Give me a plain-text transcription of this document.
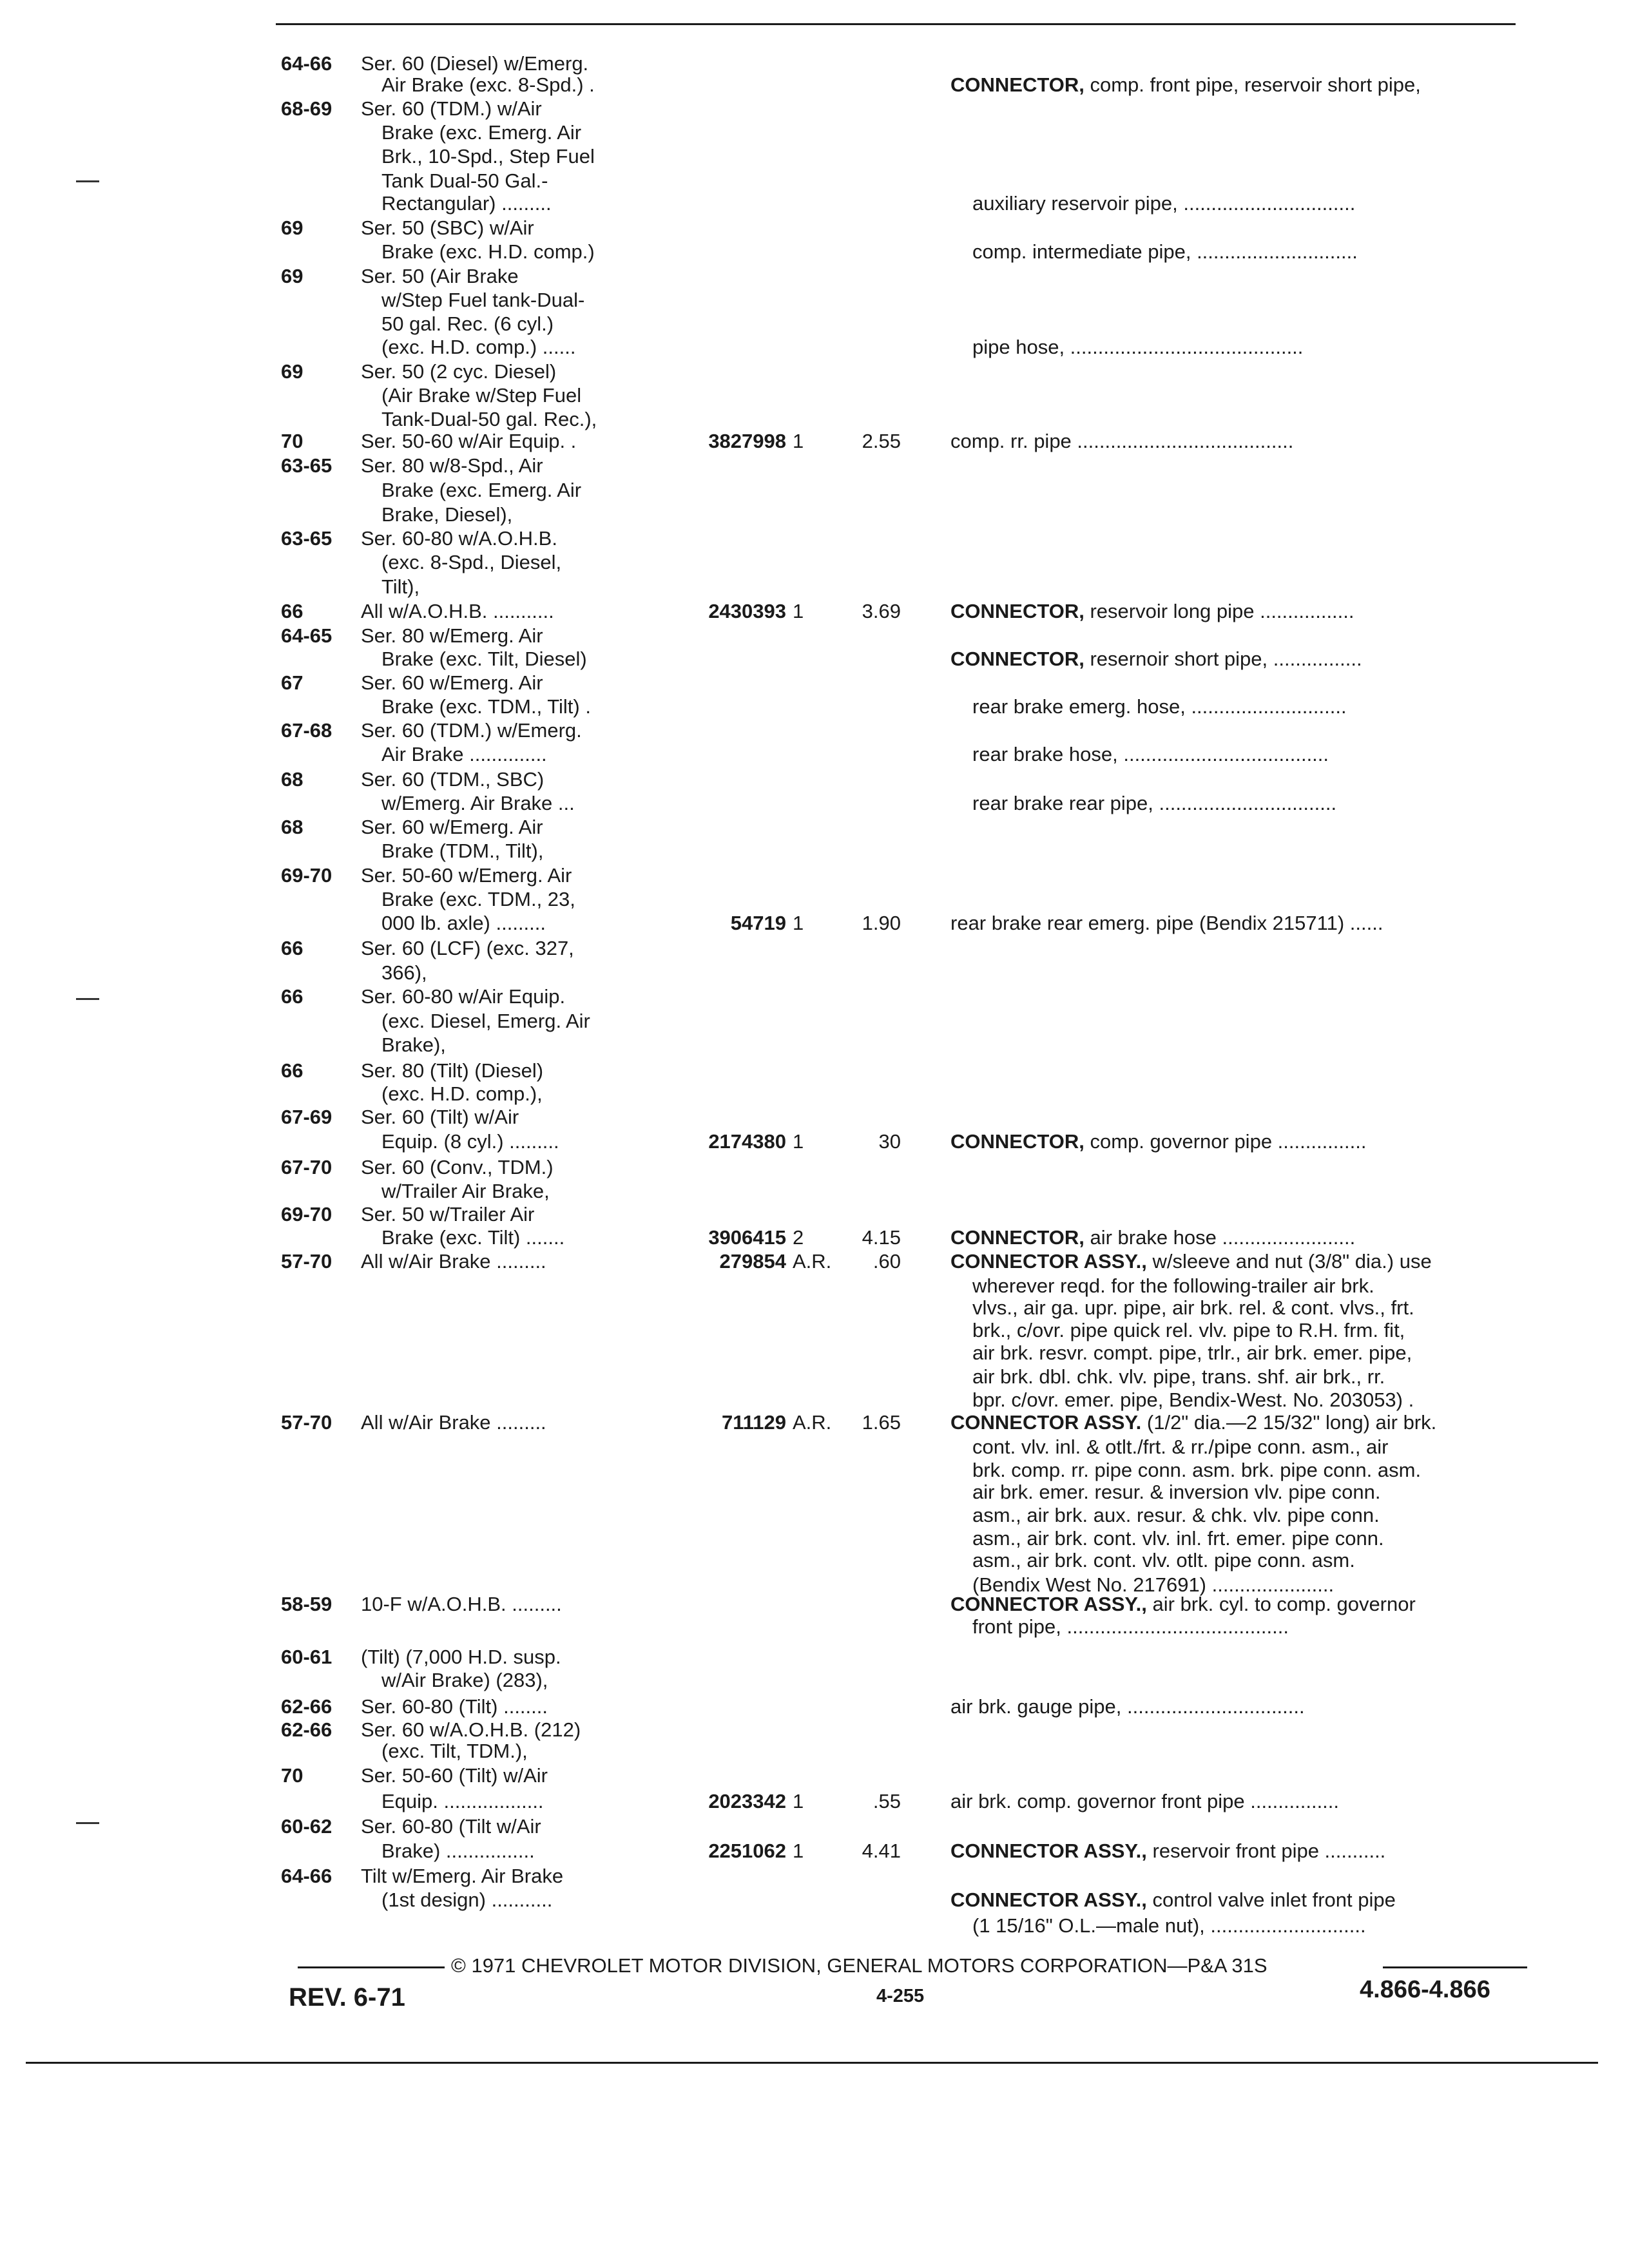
64-66 Ser. 60 (Diesel) w/Emerg.
Air Brake (exc. 8-Spd.) .	CONNECTOR, comp. front pipe, reservoir short pipe,
68-69 Ser. 60 (TDM.) w/Air
Brake (exc. Emerg. Air
Brk., 10-Spd., Step Fuel
Tank Dual-50 Gal.-
Rectangular) .........	auxiliary reservoir pipe, ...............................
69	Ser. 50 (SBC) w/Air
Brake (exc. H.D. comp.)	comp. intermediate pipe, .............................
69	Ser. 50 (Air Brake
w/Step Fuel tank-Dual-
50 gal. Rec. (6 cyl.)
(exc. H.D. comp.) ......	pipe hose, ..........................................
69	Ser. 50 (2 cyc. Diesel)
(Air Brake w/Step Fuel
Tank-Dual-50 gal. Rec.),
70	Ser. 50-60 w/Air Equip. .	3827998 1	2.55 comp. rr. pipe .......................................
63-65 Ser. 80 w/8-Spd., Air
Brake (exc. Emerg. Air
Brake, Diesel),
63-65 Ser. 60-80 w/A.O.H.B.
(exc. 8-Spd., Diesel,
Tilt),
66	All w/A.O.H.B. ...........	2430393 1	3.69 CONNECTOR, reservoir long pipe .................
64-65 Ser. 80 w/Emerg. Air
Brake (exc. Tilt, Diesel)	CONNECTOR, resernoir short pipe, ................
67	Ser. 60 w/Emerg. Air
Brake (exc. TDM., Tilt) .	rear brake emerg. hose, ............................
67-68 Ser. 60 (TDM.) w/Emerg.
Air Brake ..............	rear brake hose, .....................................
68	Ser. 60 (TDM., SBC)
w/Emerg. Air Brake ...	rear brake rear pipe, ................................
68	Ser. 60 w/Emerg. Air
Brake (TDM., Tilt),
69-70 Ser. 50-60 w/Emerg. Air
Brake (exc. TDM., 23,
000 lb. axle) .........	54719 1	1.90 rear brake rear emerg. pipe (Bendix 215711) ......
66	Ser. 60 (LCF) (exc. 327,
366),
66	Ser. 60-80 w/Air Equip.
(exc. Diesel, Emerg. Air
Brake),
66	Ser. 80 (Tilt) (Diesel)
(exc. H.D. comp.),
67-69 Ser. 60 (Tilt) w/Air
Equip. (8 cyl.) .........	2174380 1	30 CONNECTOR, comp. governor pipe ................
67-70 Ser. 60 (Conv., TDM.)
w/Trailer Air Brake,
69-70 Ser. 50 w/Trailer Air
Brake (exc. Tilt) .......	3906415 2	4.15 CONNECTOR, air brake hose ........................
57-70 All w/Air Brake .........	279854 A.R.	.60 CONNECTOR ASSY., w/sleeve and nut (3/8" dia.) use
wherever reqd. for the following-trailer air brk.
vlvs., air ga. upr. pipe, air brk. rel. & cont. vlvs., frt.
brk., c/ovr. pipe quick rel. vlv. pipe to R.H. frm. fit,
air brk. resvr. compt. pipe, trlr., air brk. emer. pipe,
air brk. dbl. chk. vlv. pipe, trans. shf. air brk., rr.
bpr. c/ovr. emer. pipe, Bendix-West. No. 203053) .
57-70 All w/Air Brake .........	711129 A.R.	1.65 CONNECTOR ASSY. (1/2" dia.—2 15/32" long) air brk.
cont. vlv. inl. & otlt./frt. & rr./pipe conn. asm., air
brk. comp. rr. pipe conn. asm. brk. pipe conn. asm.
air brk. emer. resur. & inversion vlv. pipe conn.
asm., air brk. aux. resur. & chk. vlv. pipe conn.
asm., air brk. cont. vlv. inl. frt. emer. pipe conn.
asm., air brk. cont. vlv. otlt. pipe conn. asm.
(Bendix West No. 217691) ......................
58-59 10-F w/A.O.H.B. .........	CONNECTOR ASSY., air brk. cyl. to comp. governor
front pipe, ........................................
60-61 (Tilt) (7,000 H.D. susp.
w/Air Brake) (283),
62-66 Ser. 60-80 (Tilt) ........	air brk. gauge pipe, ................................
62-66 Ser. 60 w/A.O.H.B. (212)
(exc. Tilt, TDM.),
70	Ser. 50-60 (Tilt) w/Air
Equip. ..................	2023342 1	.55 air brk. comp. governor front pipe ................
60-62 Ser. 60-80 (Tilt w/Air
Brake) ................	2251062 1	4.41 CONNECTOR ASSY., reservoir front pipe ...........
64-66 Tilt w/Emerg. Air Brake
(1st design) ...........	CONNECTOR ASSY., control valve inlet front pipe
(1 15/16" O.L.—male nut), ............................
© 1971 CHEVROLET MOTOR DIVISION, GENERAL MOTORS CORPORATION—P&A 31S
REV. 6-71	4-255	4.866-4.866
